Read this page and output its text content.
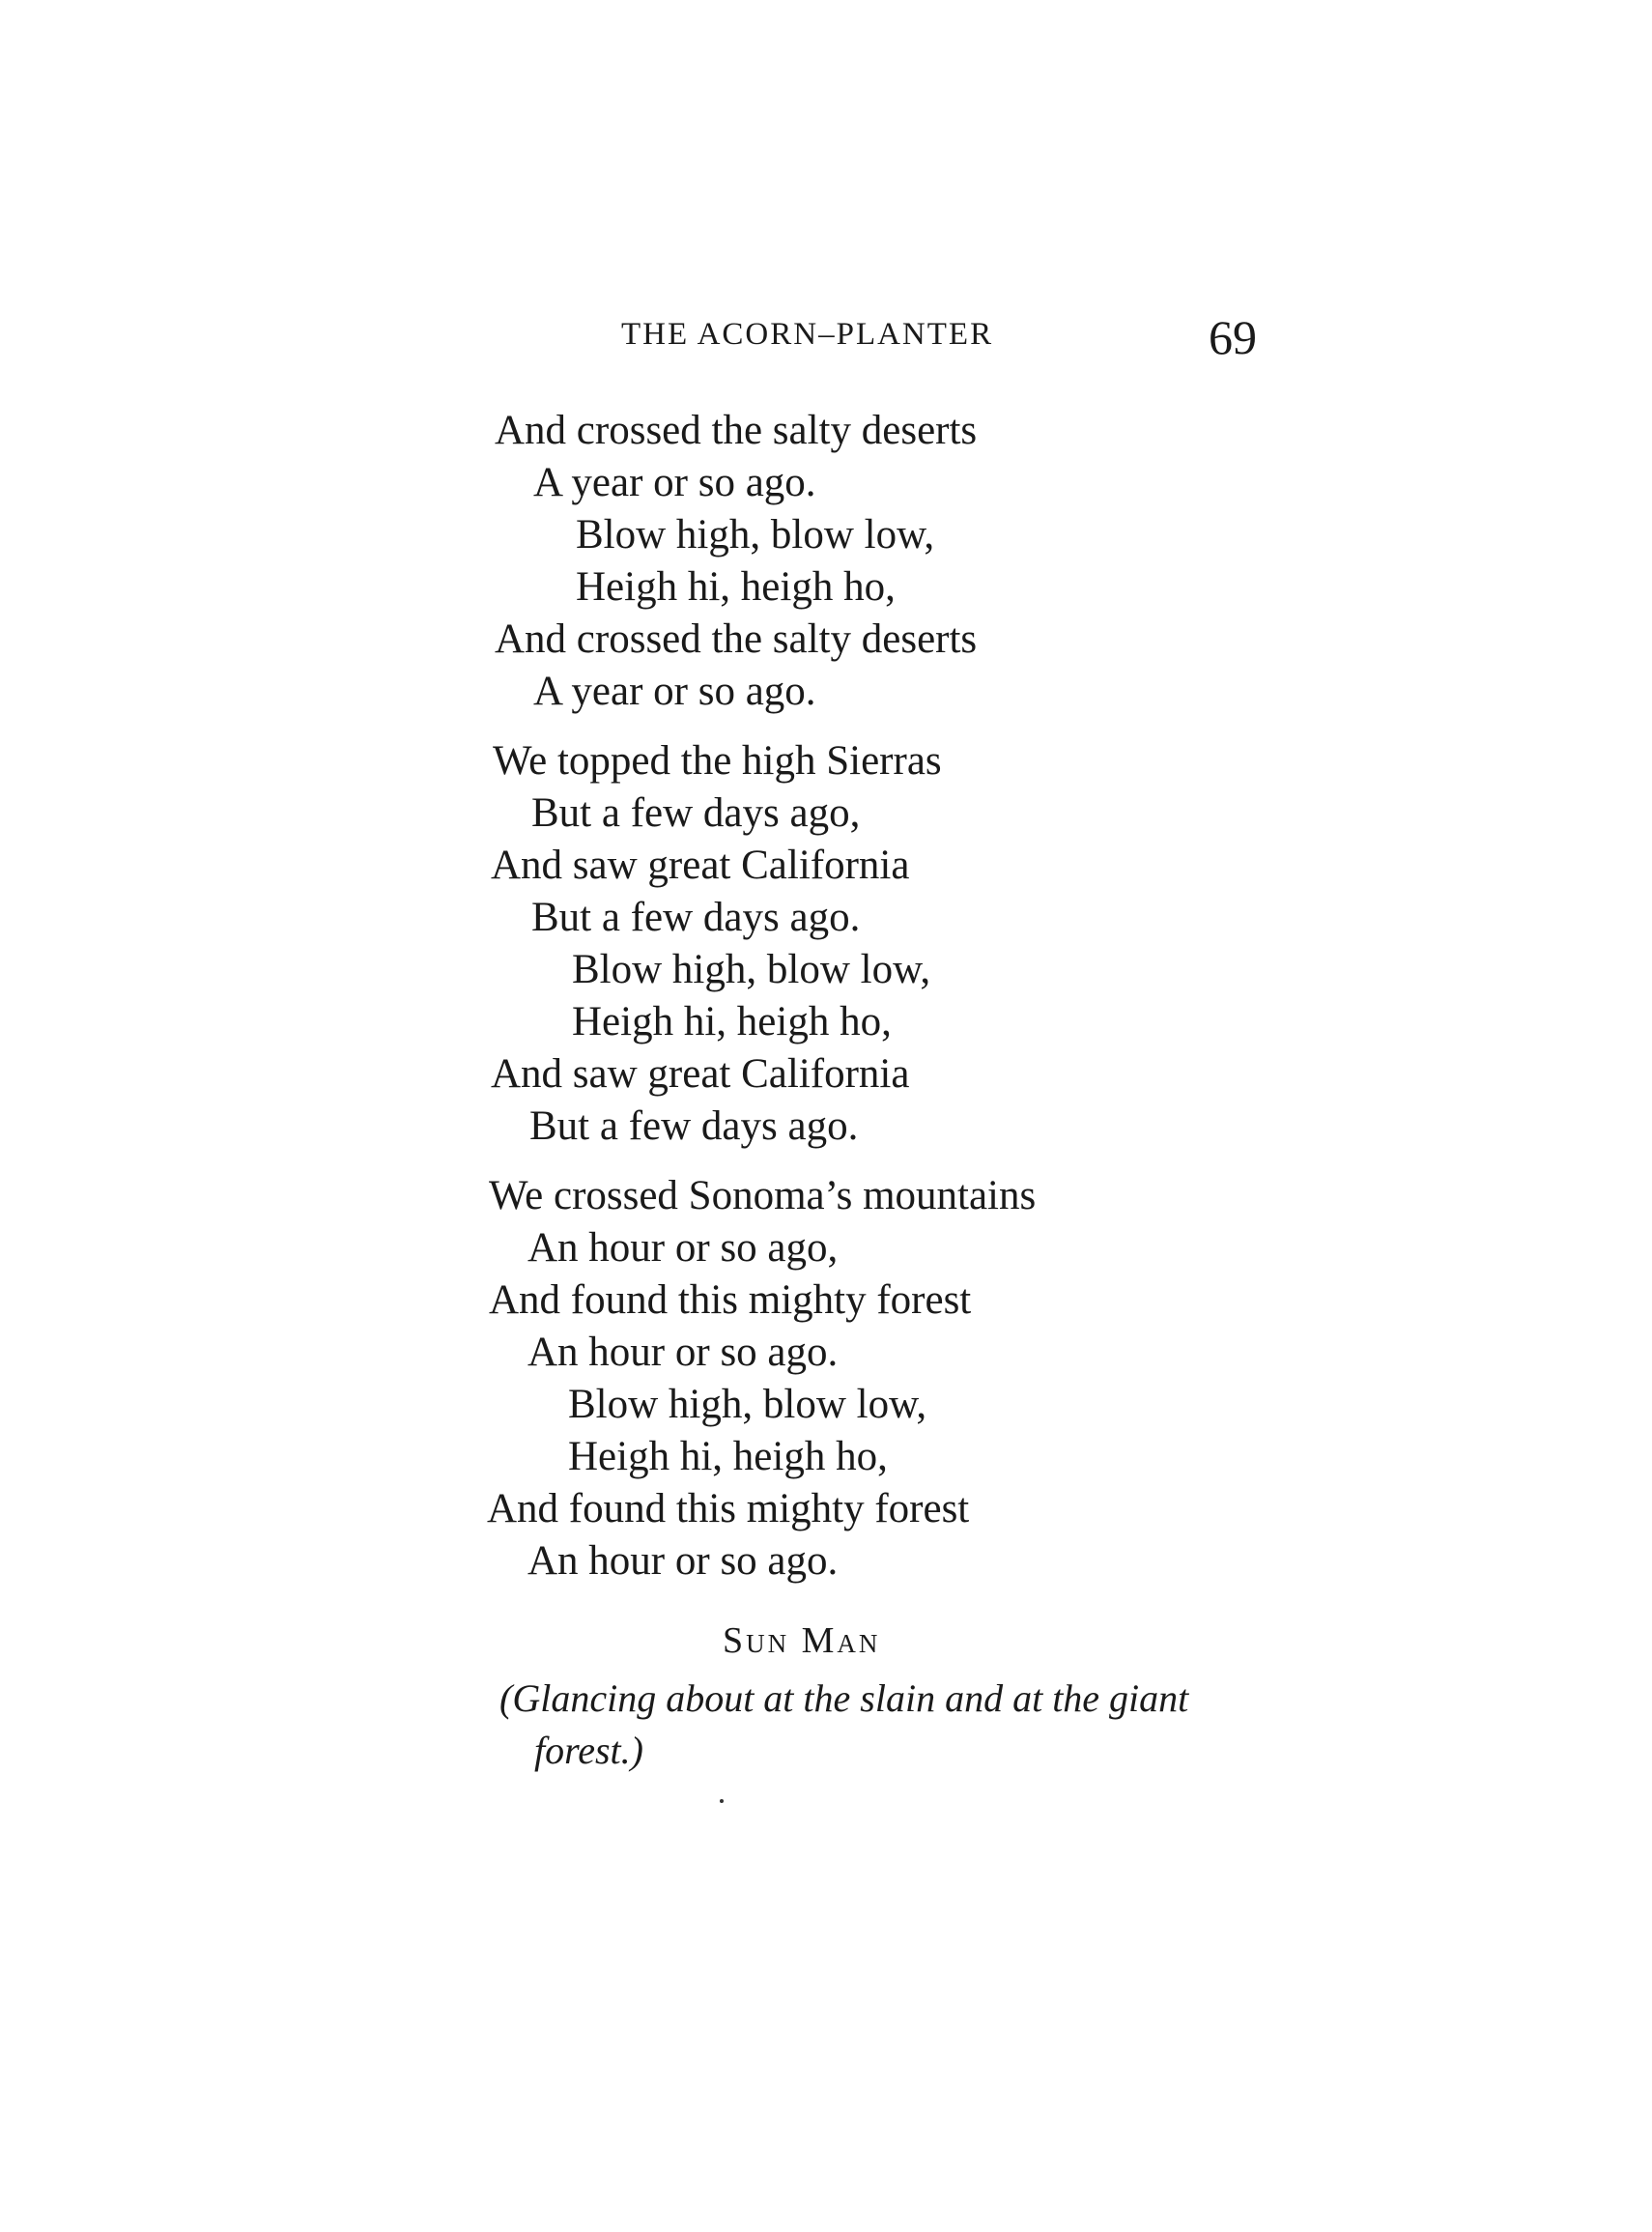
THE ACORN–PLANTER	69
And crossed the salty deserts
A year or so ago.
Blow high, blow low,
Heigh hi, heigh ho,
And crossed the salty deserts
A year or so ago.
We topped the high Sierras
But a few days ago,
And saw great California
But a few days ago.
Blow high, blow low,
Heigh hi, heigh ho,
And saw great California
But a few days ago.
We crossed Sonoma’s mountains
An hour or so ago,
And found this mighty forest
An hour or so ago.
Blow high, blow low,
Heigh hi, heigh ho,
And found this mighty forest
An hour or so ago.
Sun Man
(Glancing about at the slain and at the giant
forest.)
